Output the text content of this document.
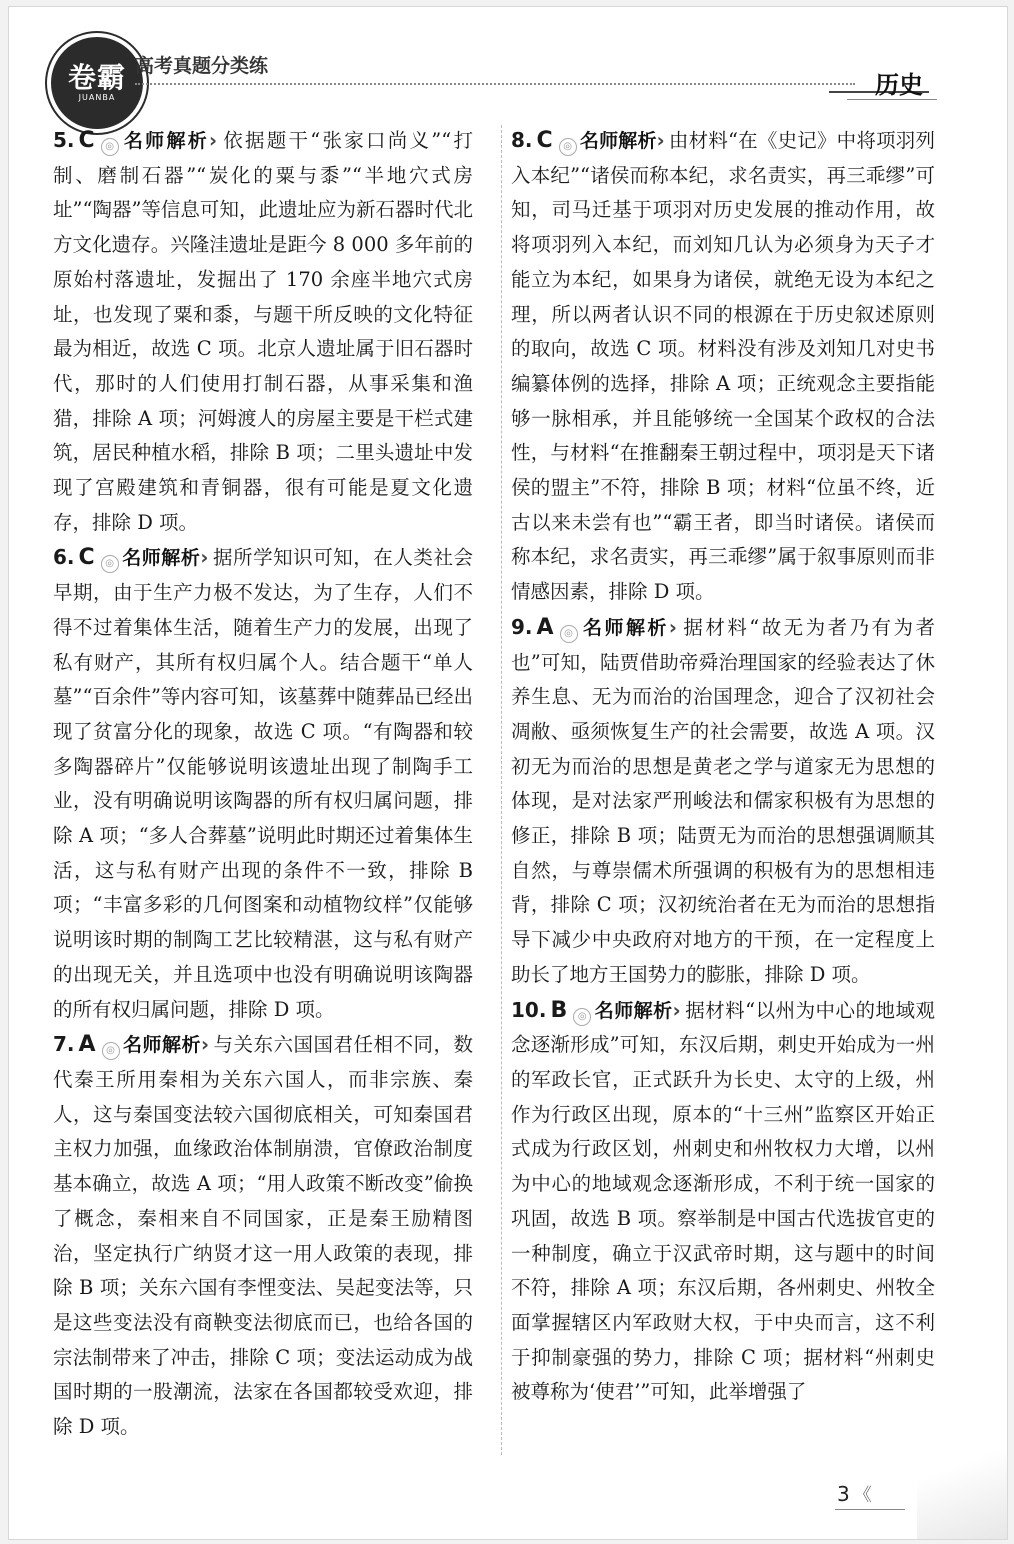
卷霸
JUANBA
高考真题分类练
历史

5. C ◎ 名师解析› 依据题干“张家口尚义”“打制、磨制石器”“炭化的粟与黍”“半地穴式房址”“陶器”等信息可知，此遗址应为新石器时代北方文化遗存。兴隆洼遗址是距今 8 000 多年前的原始村落遗址，发掘出了 170 余座半地穴式房址，也发现了粟和黍，与题干所反映的文化特征最为相近，故选 C 项。北京人遗址属于旧石器时代，那时的人们使用打制石器，从事采集和渔猎，排除 A 项；河姆渡人的房屋主要是干栏式建筑，居民种植水稻，排除 B 项；二里头遗址中发现了宫殿建筑和青铜器，很有可能是夏文化遗存，排除 D 项。

6. C ◎ 名师解析› 据所学知识可知，在人类社会早期，由于生产力极不发达，为了生存，人们不得不过着集体生活，随着生产力的发展，出现了私有财产，其所有权归属个人。结合题干“单人墓”“百余件”等内容可知，该墓葬中随葬品已经出现了贫富分化的现象，故选 C 项。“有陶器和较多陶器碎片”仅能够说明该遗址出现了制陶手工业，没有明确说明该陶器的所有权归属问题，排除 A 项；“多人合葬墓”说明此时期还过着集体生活，这与私有财产出现的条件不一致，排除 B 项；“丰富多彩的几何图案和动植物纹样”仅能够说明该时期的制陶工艺比较精湛，这与私有财产的出现无关，并且选项中也没有明确说明该陶器的所有权归属问题，排除 D 项。

7. A ◎ 名师解析› 与关东六国国君任相不同，数代秦王所用秦相为关东六国人，而非宗族、秦人，这与秦国变法较六国彻底相关，可知秦国君主权力加强，血缘政治体制崩溃，官僚政治制度基本确立，故选 A 项；“用人政策不断改变”偷换了概念，秦相来自不同国家，正是秦王励精图治，坚定执行广纳贤才这一用人政策的表现，排除 B 项；关东六国有李悝变法、吴起变法等，只是这些变法没有商鞅变法彻底而已，也给各国的宗法制带来了冲击，排除 C 项；变法运动成为战国时期的一股潮流，法家在各国都较受欢迎，排除 D 项。

8. C ◎ 名师解析› 由材料“在《史记》中将项羽列入本纪”“诸侯而称本纪，求名责实，再三乖缪”可知，司马迁基于项羽对历史发展的推动作用，故将项羽列入本纪，而刘知几认为必须身为天子才能立为本纪，如果身为诸侯，就绝无设为本纪之理，所以两者认识不同的根源在于历史叙述原则的取向，故选 C 项。材料没有涉及刘知几对史书编纂体例的选择，排除 A 项；正统观念主要指能够一脉相承，并且能够统一全国某个政权的合法性，与材料“在推翻秦王朝过程中，项羽是天下诸侯的盟主”不符，排除 B 项；材料“位虽不终，近古以来未尝有也”“霸王者，即当时诸侯。诸侯而称本纪，求名责实，再三乖缪”属于叙事原则而非情感因素，排除 D 项。

9. A ◎ 名师解析› 据材料“故无为者乃有为者也”可知，陆贾借助帝舜治理国家的经验表达了休养生息、无为而治的治国理念，迎合了汉初社会凋敝、亟须恢复生产的社会需要，故选 A 项。汉初无为而治的思想是黄老之学与道家无为思想的体现，是对法家严刑峻法和儒家积极有为思想的修正，排除 B 项；陆贾无为而治的思想强调顺其自然，与尊崇儒术所强调的积极有为的思想相违背，排除 C 项；汉初统治者在无为而治的思想指导下减少中央政府对地方的干预，在一定程度上助长了地方王国势力的膨胀，排除 D 项。

10. B ◎ 名师解析› 据材料“以州为中心的地域观念逐渐形成”可知，东汉后期，刺史开始成为一州的军政长官，正式跃升为长史、太守的上级，州作为行政区出现，原本的“十三州”监察区开始正式成为行政区划，州刺史和州牧权力大增，以州为中心的地域观念逐渐形成，不利于统一国家的巩固，故选 B 项。察举制是中国古代选拔官吏的一种制度，确立于汉武帝时期，这与题中的时间不符，排除 A 项；东汉后期，各州刺史、州牧全面掌握辖区内军政财大权，于中央而言，这不利于抑制豪强的势力，排除 C 项；据材料“州刺史被尊称为‘使君’”可知，此举增强了

3 《
